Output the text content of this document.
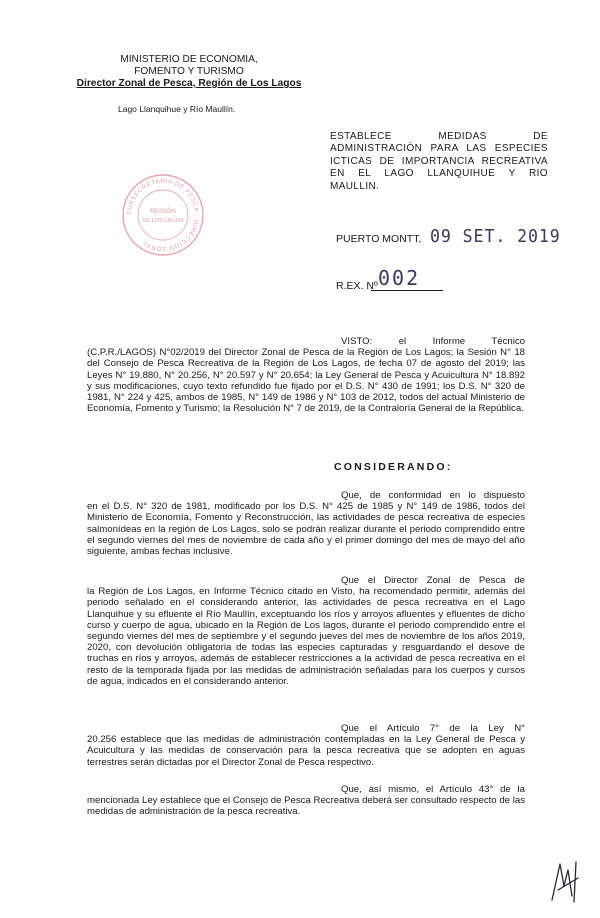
MINISTERIO DE ECONOMIA,
FOMENTO Y TURISMO
Director Zonal de Pesca, Región de Los Lagos
Lago Llanquihue y Río Maullín.
ESTABLECE MEDIDAS DE ADMINISTRACIÓN PARA LAS ESPECIES ICTICAS DE IMPORTANCIA RECREATIVA EN EL LAGO LLANQUIHUE Y RIO MAULLIN.
SUBSECRETARIA DE PESCA · DIRECCION ZONAL
REGIÓN
DE LOS LAGOS
PUERTO MONTT, 09 SET. 2019
R.EX. Nº 002
VISTO: el Informe Técnico
(C.P.R./LAGOS) N°02/2019 del Director Zonal de Pesca de la Región de Los Lagos; la Sesión N° 18 del Consejo de Pesca Recreativa de la Región de Los Lagos, de fecha 07 de agosto del 2019; las Leyes N° 19.880, N° 20.256, N° 20.597 y N° 20.654; la Ley General de Pesca y Acuicultura N° 18.892 y sus modificaciones, cuyo texto refundido fue fijado por el D.S. N° 430 de 1991; los D.S. N° 320 de 1981, N° 224 y 425, ambos de 1985, N° 149 de 1986 y N° 103 de 2012, todos del actual Ministerio de Economía, Fomento y Turismo; la Resolución N° 7 de 2019, de la Contraloría General de la República.
CONSIDERANDO:
Que, de conformidad en lo dispuesto
en el D.S. N° 320 de 1981, modificado por los D.S. N° 425 de 1985 y N° 149 de 1986, todos del Ministerio de Economía, Fomento y Reconstrucción, las actividades de pesca recreativa de especies salmonídeas en la región de Los Lagos, solo se podrán realizar durante el periodo comprendido entre el segundo viernes del mes de noviembre de cada año y el primer domingo del mes de mayo del año siguiente, ambas fechas inclusive.
Que el Director Zonal de Pesca de
la Región de Los Lagos, en Informe Técnico citado en Visto, ha recomendado permitir, además del periodo señalado en el considerando anterior, las actividades de pesca recreativa en el Lago Llanquihue y su efluente el Río Maullín, exceptuando los ríos y arroyos afluentes y efluentes de dicho curso y cuerpo de agua, ubicado en la Región de Los lagos, durante el periodo comprendido entre el segundo viernes del mes de septiembre y el segundo jueves del mes de noviembre de los años 2019, 2020, con devolución obligatoria de todas las especies capturadas y resguardando el desove de truchas en ríos y arroyos, además de establecer restricciones a la actividad de pesca recreativa en el resto de la temporada fijada por las medidas de administración señaladas para los cuerpos y cursos de agua, indicados en el considerando anterior.
Que el Artículo 7° de la Ley N°
20.256 establece que las medidas de administración contempladas en la Ley General de Pesca y Acuicultura y las medidas de conservación para la pesca recreativa que se adopten en aguas terrestres serán dictadas por el Director Zonal de Pesca respectivo.
Que, así mismo, el Artículo 43° de la
mencionada Ley establece que el Consejo de Pesca Recreativa deberá ser consultado respecto de las medidas de administración de la pesca recreativa.
